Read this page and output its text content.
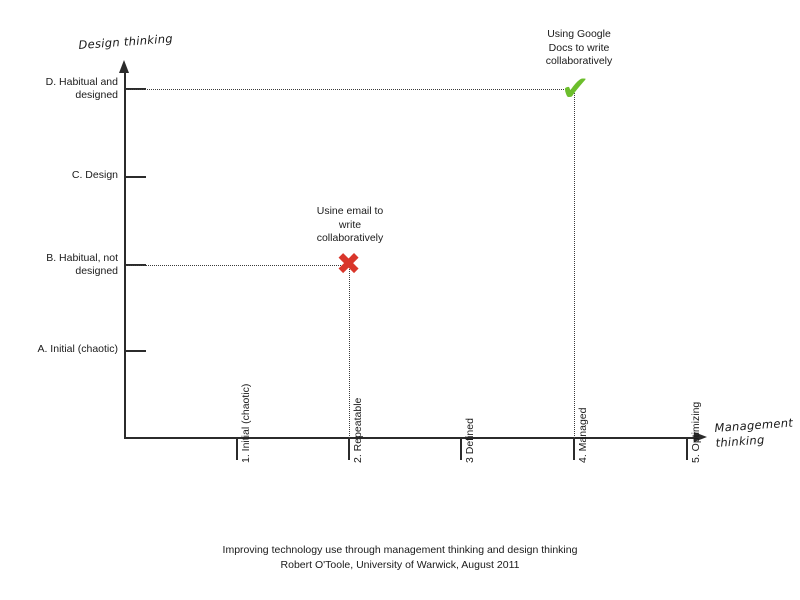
Design thinking
Management thinking
D. Habitual and
designed
C. Design
B. Habitual, not
designed
A. Initial (chaotic)
1. Initial (chaotic)	2. Repeatable	3 Defined	4. Managed	5. Optimizing
✖
✔
Usine email to
write
collaboratively
Using Google
Docs to write
collaboratively
Improving technology use through management thinking and design thinking
Robert O'Toole, University of Warwick, August 2011
